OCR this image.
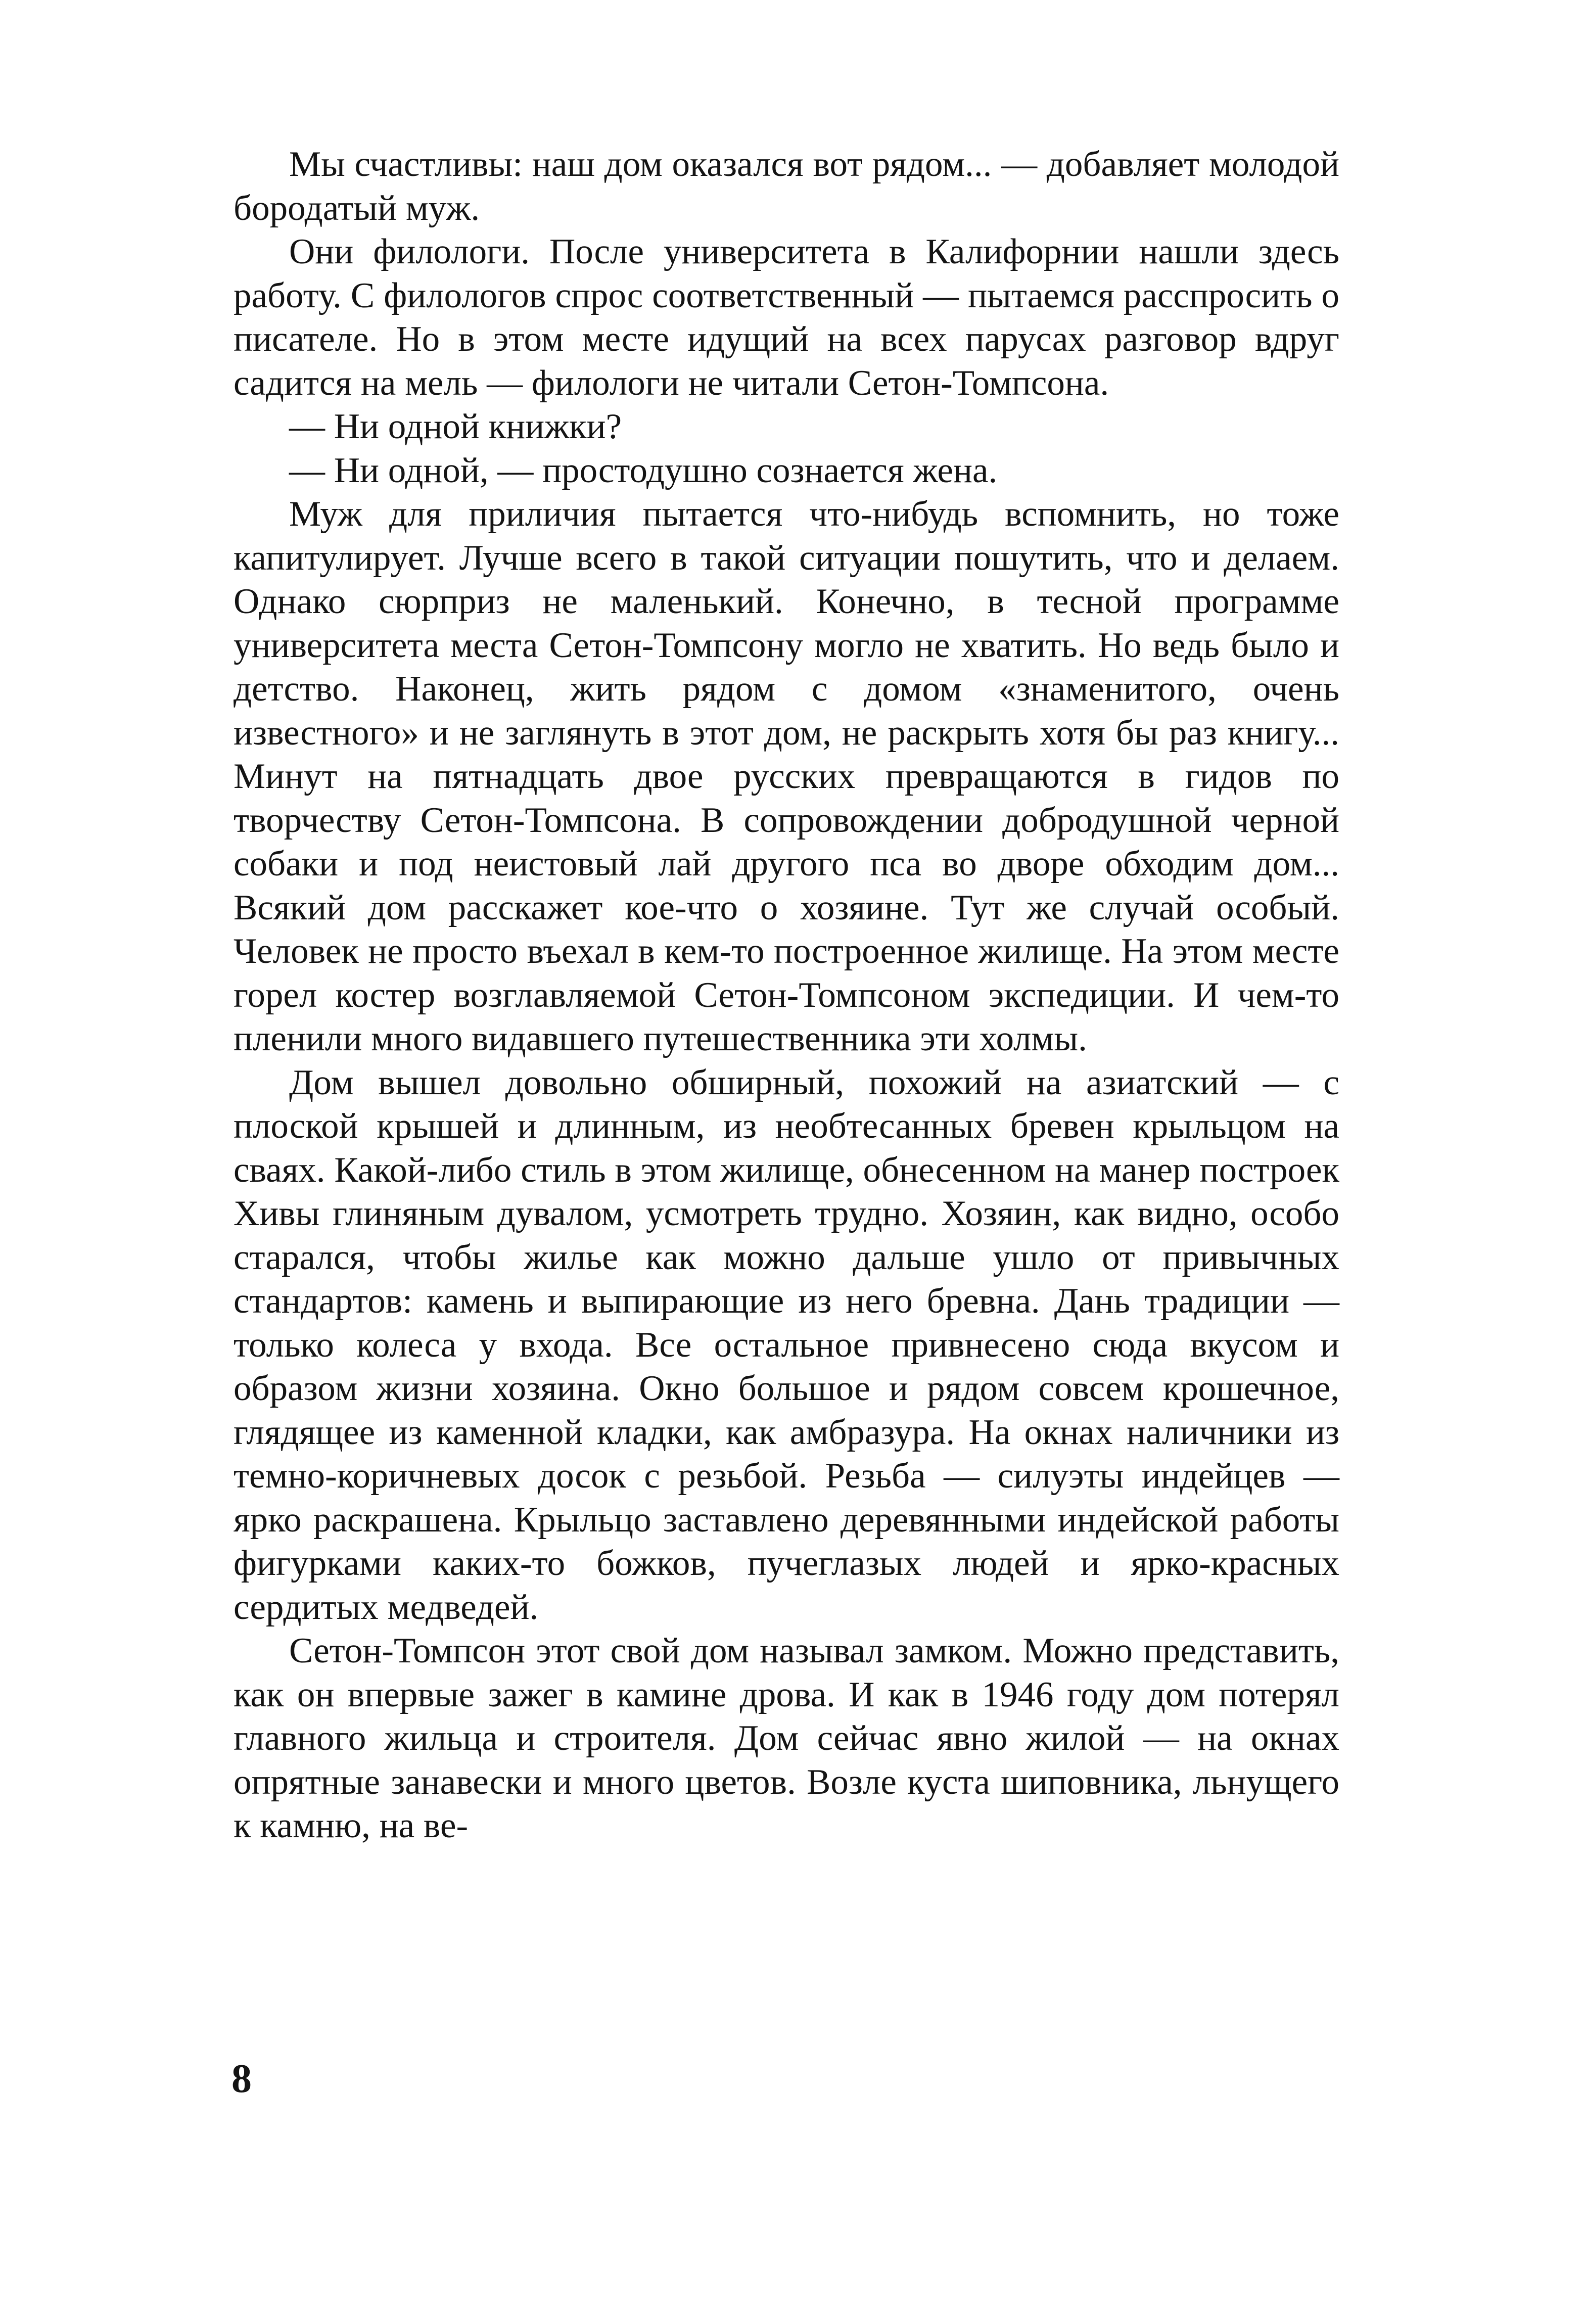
Мы счастливы: наш дом оказался вот рядом... — добавляет молодой бородатый муж.

Они филологи. После университета в Калифорнии нашли здесь работу. С филологов спрос соответственный — пытаемся расспросить о писателе. Но в этом месте идущий на всех парусах разговор вдруг садится на мель — филологи не читали Сетон-Томпсона.

— Ни одной книжки?

— Ни одной, — простодушно сознается жена.

Муж для приличия пытается что-нибудь вспомнить, но тоже капитулирует. Лучше всего в такой ситуации пошутить, что и делаем. Однако сюрприз не маленький. Конечно, в тесной программе университета места Сетон-Томпсону могло не хватить. Но ведь было и детство. Наконец, жить рядом с домом «знаменитого, очень известного» и не заглянуть в этот дом, не раскрыть хотя бы раз книгу... Минут на пятнадцать двое русских превращаются в гидов по творчеству Сетон-Томпсона. В сопровождении добродушной черной собаки и под неистовый лай другого пса во дворе обходим дом... Всякий дом расскажет кое-что о хозяине. Тут же случай особый. Человек не просто въехал в кем-то построенное жилище. На этом месте горел костер возглавляемой Сетон-Томпсоном экспедиции. И чем-то пленили много видавшего путешественника эти холмы.

Дом вышел довольно обширный, похожий на азиатский — с плоской крышей и длинным, из необтесанных бревен крыльцом на сваях. Какой-либо стиль в этом жилище, обнесенном на манер построек Хивы глиняным дувалом, усмотреть трудно. Хозяин, как видно, особо старался, чтобы жилье как можно дальше ушло от привычных стандартов: камень и выпирающие из него бревна. Дань традиции — только колеса у входа. Все остальное привнесено сюда вкусом и образом жизни хозяина. Окно большое и рядом совсем крошечное, глядящее из каменной кладки, как амбразура. На окнах наличники из темно-коричневых досок с резьбой. Резьба — силуэты индейцев — ярко раскрашена. Крыльцо заставлено деревянными индейской работы фигурками каких-то божков, пучеглазых людей и ярко-красных сердитых медведей.

Сетон-Томпсон этот свой дом называл замком. Можно представить, как он впервые зажег в камине дрова. И как в 1946 году дом потерял главного жильца и строителя. Дом сейчас явно жилой — на окнах опрятные занавески и много цветов. Возле куста шиповника, льнущего к камню, на ве-

8
